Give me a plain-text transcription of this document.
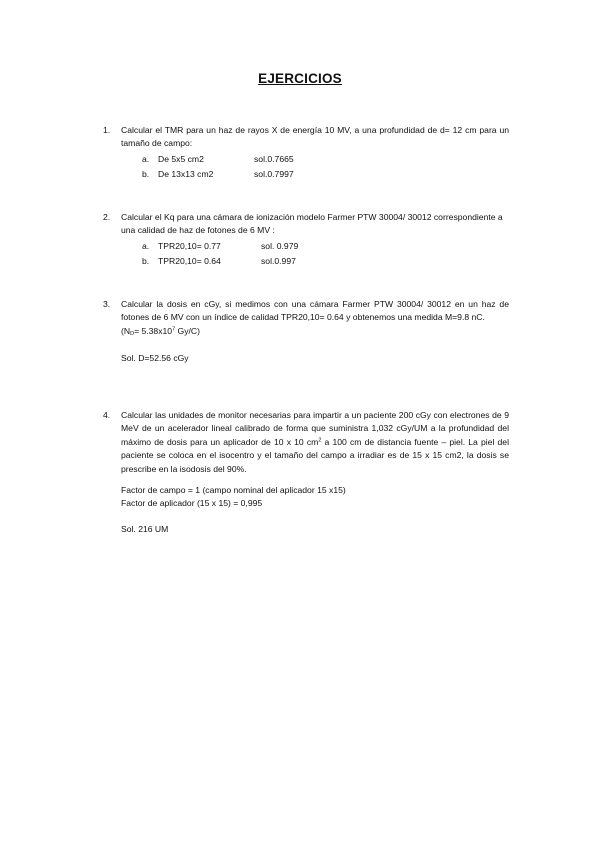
EJERCICIOS
1. Calcular el TMR para un haz de rayos X de energía 10 MV, a una profundidad de d= 12 cm para un tamaño de campo:

a. De 5x5 cm2	sol.0.7665
b. De 13x13 cm2	sol.0.7997
2. Calcular el Kq para una cámara de ionización modelo Farmer PTW 30004/ 30012 correspondiente a una calidad de haz de fotones de 6 MV :

a. TPR20,10= 0.77	sol. 0.979
b. TPR20,10= 0.64	sol.0.997
3. Calcular la dosis en cGy, si medimos con una cámara Farmer PTW 30004/ 30012 en un haz de fotones de 6 MV con un índice de calidad TPR20,10= 0.64 y obtenemos una medida M=9.8 nC.

($N_D= 5.38x10^7$ Gy/C)

Sol. D=52.56 cGy

4. Calcular las unidades de monitor necesarias para impartir a un paciente 200 cGy con electrones de 9 MeV de un acelerador lineal calibrado de forma que suministra 1,032 cGy/UM a la profundidad del máximo de dosis para un aplicador de 10 x 10 $cm^2$ a 100 cm de distancia fuente – piel. La piel del paciente se coloca en el isocentro y el tamaño del campo a irradiar es de 15 x 15 cm2, la dosis se prescribe en la isodosis del 90%.

Factor de campo = 1 (campo nominal del aplicador 15 x15)

Factor de aplicador (15 x 15) = 0,995

Sol. 216 UM
